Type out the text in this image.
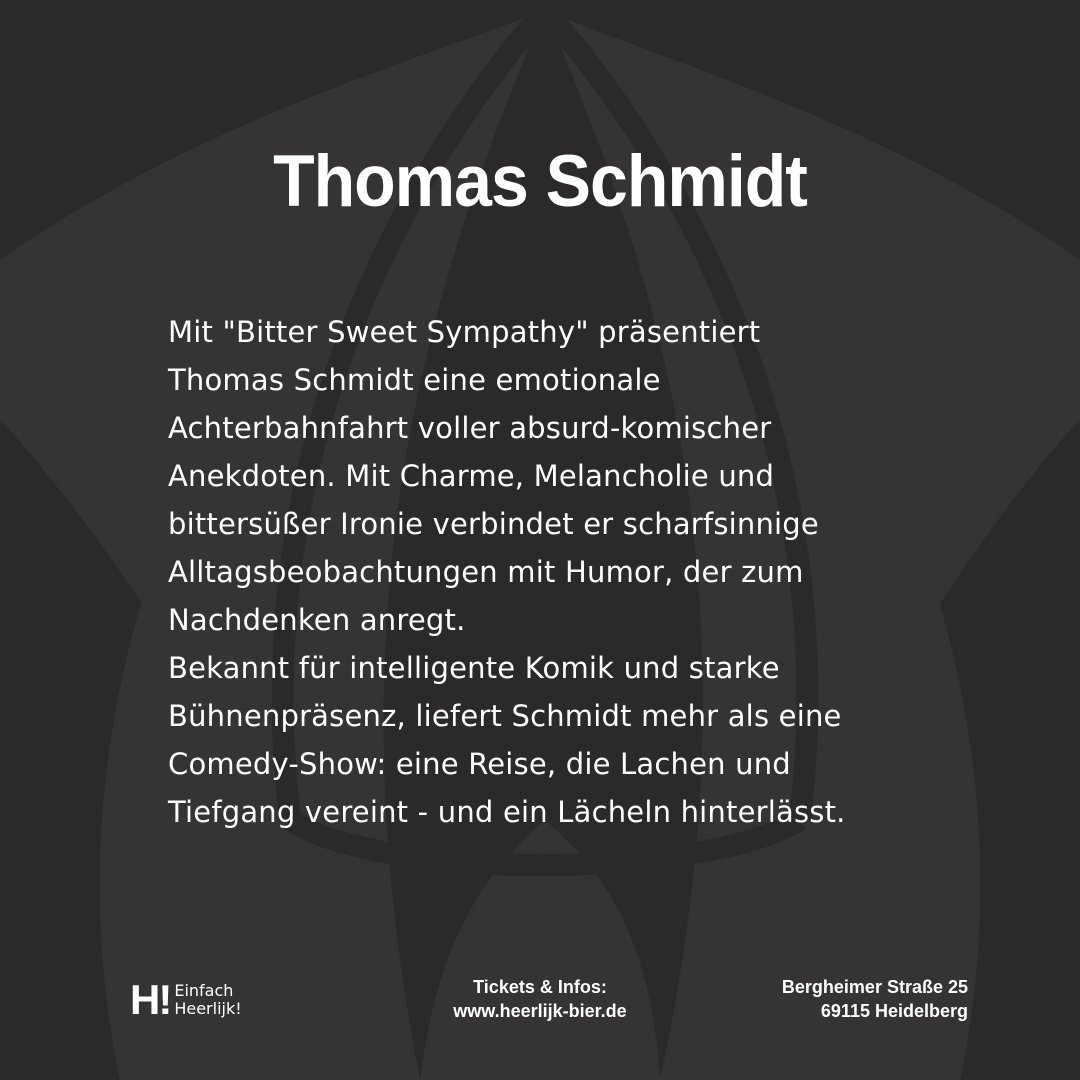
Thomas Schmidt

Mit "Bitter Sweet Sympathy" präsentiert

Thomas Schmidt eine emotionale

Achterbahnfahrt voller absurd-komischer

Anekdoten. Mit Charme, Melancholie und

bittersüßer Ironie verbindet er scharfsinnige

Alltagsbeobachtungen mit Humor, der zum

Nachdenken anregt.

Bekannt für intelligente Komik und starke

Bühnenpräsenz, liefert Schmidt mehr als eine

Comedy-Show: eine Reise, die Lachen und

Tiefgang vereint - und ein Lächeln hinterlässt.

H! Einfach
Heerlijk!
Tickets & Infos:
www.heerlijk-bier.de
Bergheimer Straße 25
69115 Heidelberg
